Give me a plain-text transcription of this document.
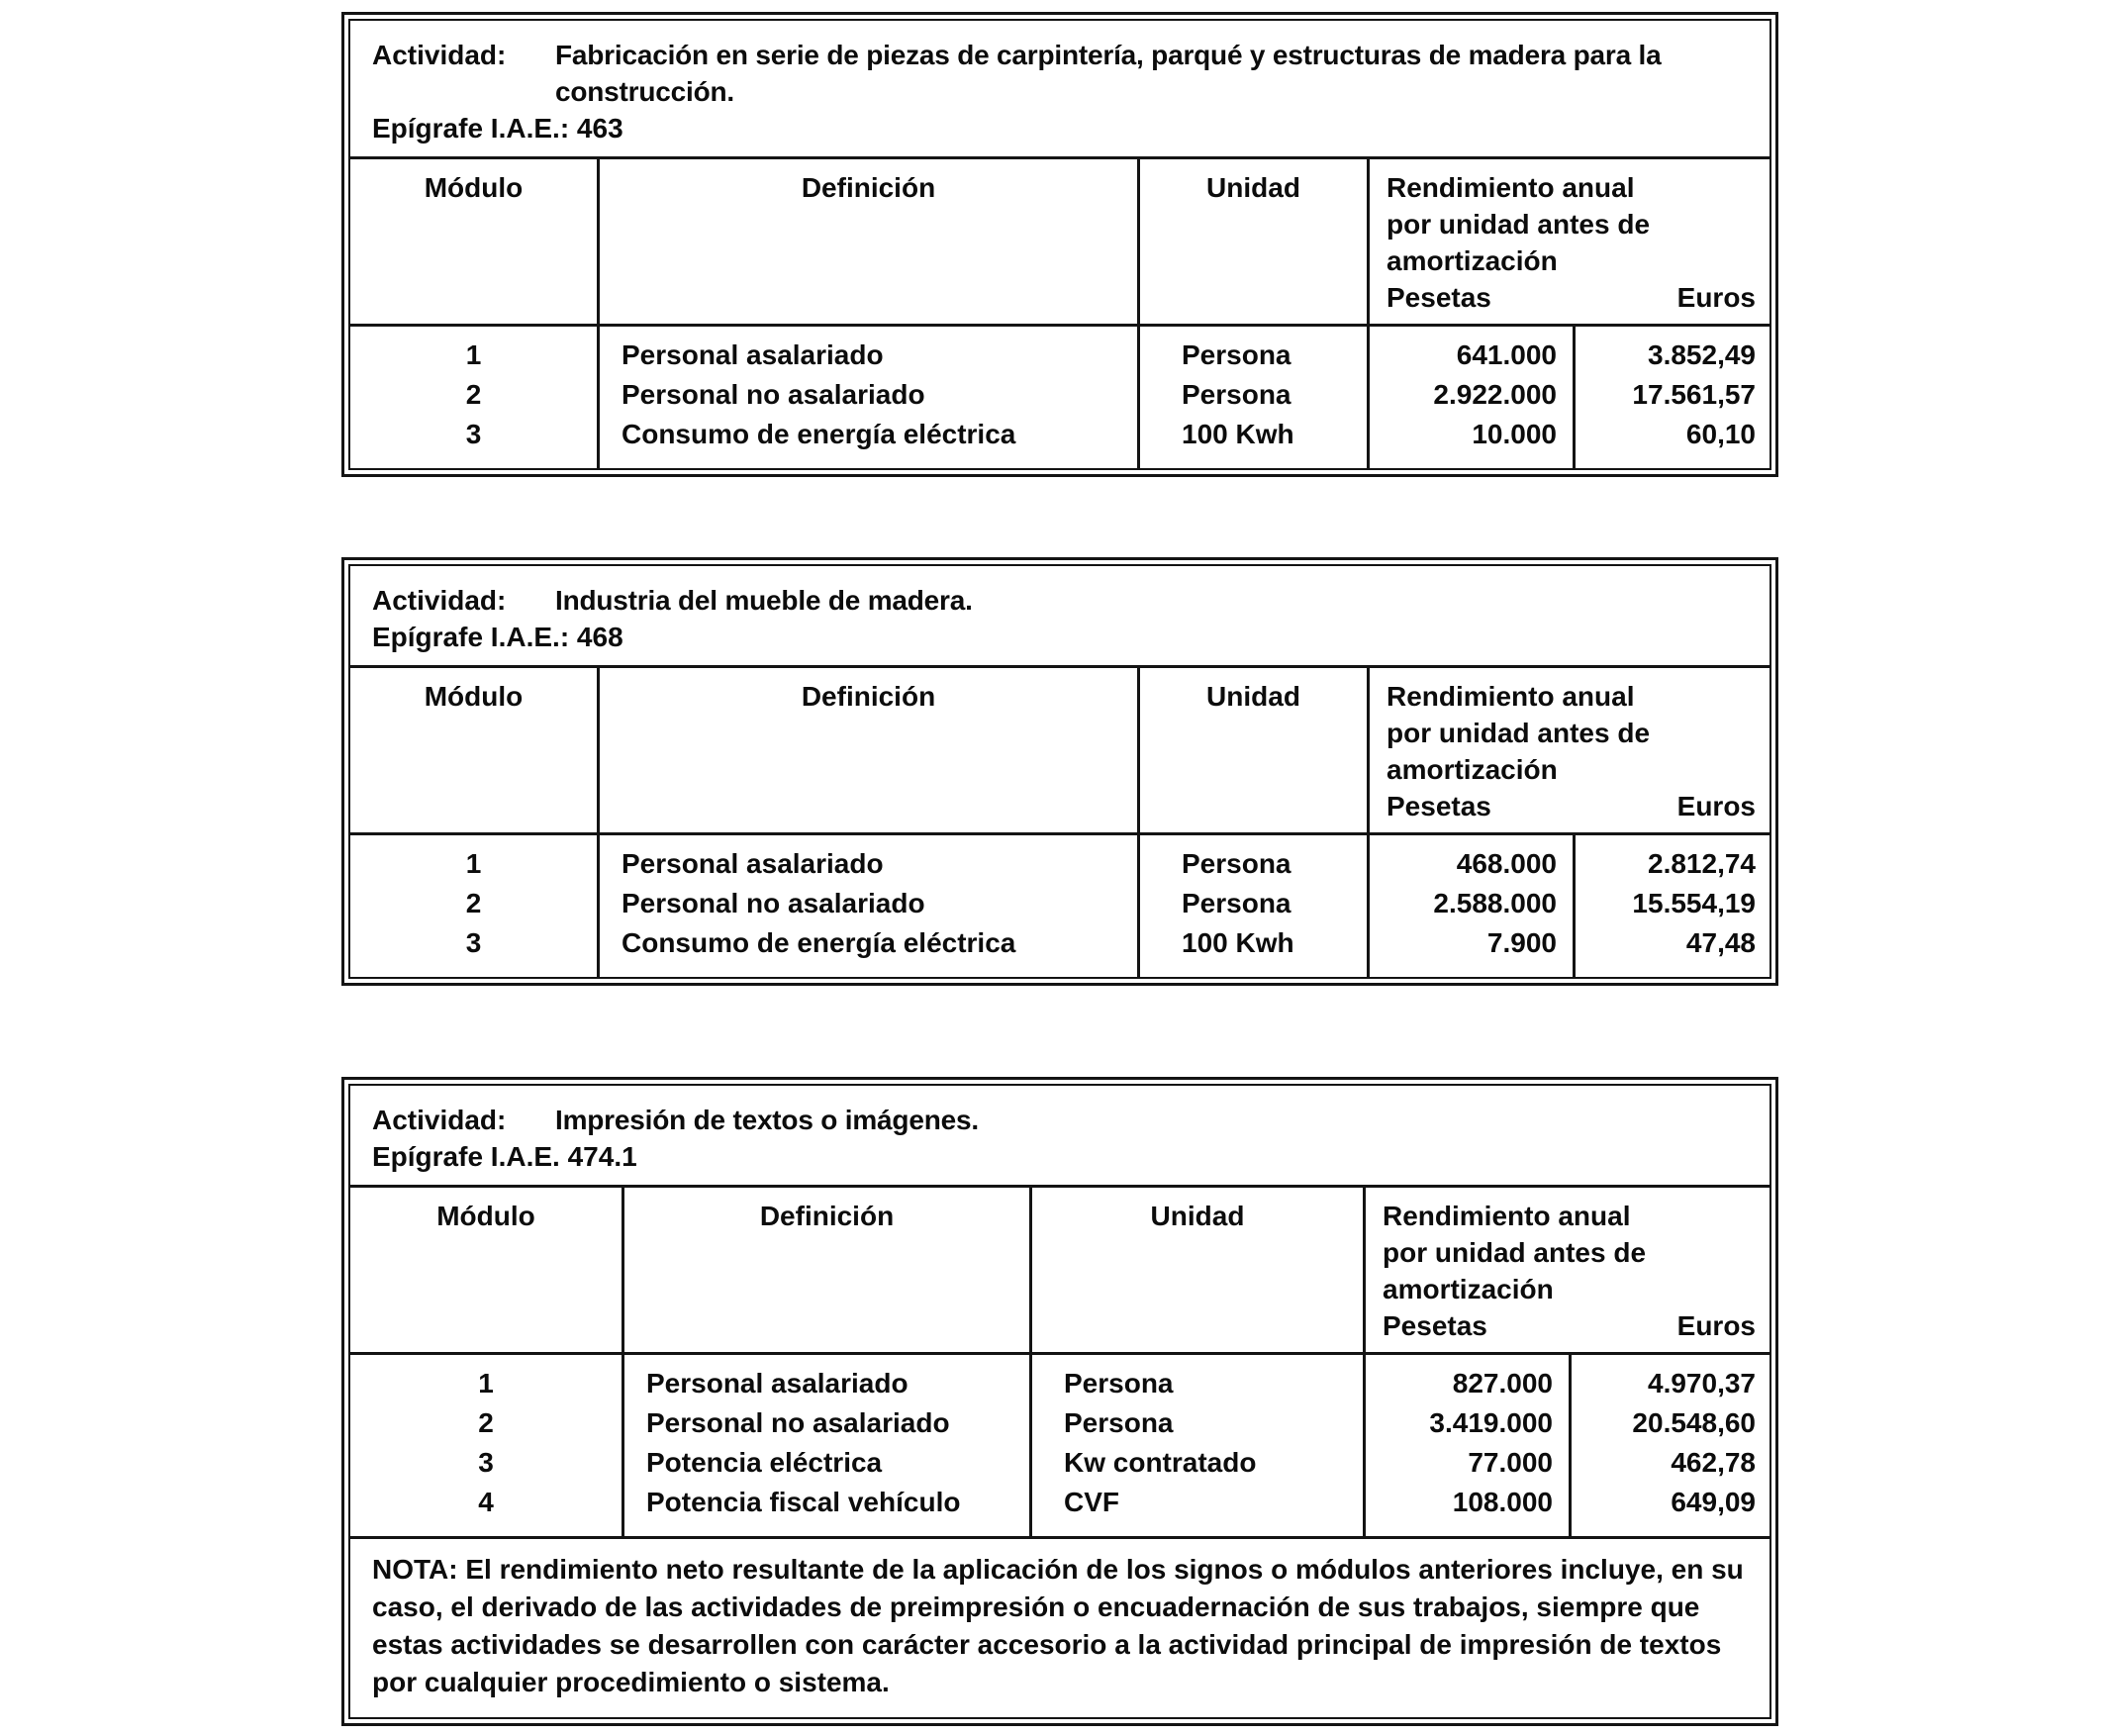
Actividad:	Fabricación en serie de piezas de carpintería, parqué y estructuras de madera para la construcción.
Epígrafe I.A.E.: 463
Módulo	Definición	Unidad	Rendimiento anual
por unidad antes de
amortización
Pesetas	Euros
1	Personal asalariado	Persona	641.000	3.852,49
2	Personal no asalariado	Persona	2.922.000	17.561,57
3	Consumo de energía eléctrica	100 Kwh	10.000	60,10
Actividad:	Industria del mueble de madera.
Epígrafe I.A.E.: 468
Módulo	Definición	Unidad	Rendimiento anual
por unidad antes de
amortización
Pesetas	Euros
1	Personal asalariado	Persona	468.000	2.812,74
2	Personal no asalariado	Persona	2.588.000	15.554,19
3	Consumo de energía eléctrica	100 Kwh	7.900	47,48
Actividad:	Impresión de textos o imágenes.
Epígrafe I.A.E. 474.1
Módulo	Definición	Unidad	Rendimiento anual
por unidad antes de
amortización
Pesetas	Euros
1	Personal asalariado	Persona	827.000	4.970,37
2	Personal no asalariado	Persona	3.419.000	20.548,60
3	Potencia eléctrica	Kw contratado	77.000	462,78
4	Potencia fiscal vehículo	CVF	108.000	649,09
NOTA: El rendimiento neto resultante de la aplicación de los signos o módulos anteriores incluye, en su caso, el derivado de las actividades de preimpresión o encuadernación de sus trabajos, siempre que estas actividades se desarrollen con carácter accesorio a la actividad principal de impresión de textos por cualquier procedimiento o sistema.
